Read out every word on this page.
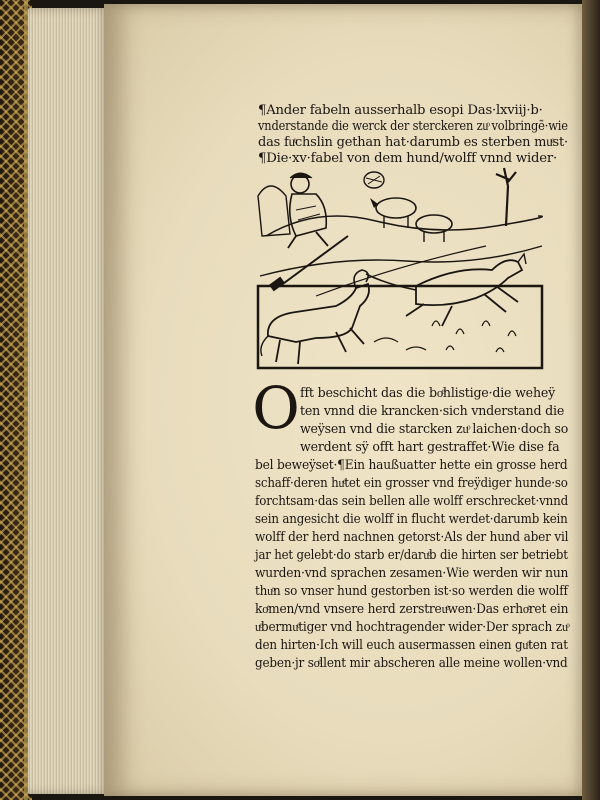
¶Ander fabeln ausserhalb esopi Das·lxviij·b·
vnderstande die werck der sterckeren zuͦ volbringẽ·wie
das fuͤchslin gethan hat·darumb es sterben muͤst·
¶Die·xv·fabel von dem hund/wolff vnnd wider·
O fft beschicht das die boͤhlistige·die weheÿ
ten vnnd die krancken·sich vnderstand die
weÿsen vnd die starcken zuͦ laichen·doch so
werdent sÿ offt hart gestraffet·Wie dise fa
bel beweÿset·¶Ein haußuatter hette ein grosse herd
schaff·deren huͤtet ein grosser vnd freÿdiger hunde·so
forchtsam·das sein bellen alle wolff erschrecket·vnnd
sein angesicht die wolff in flucht werdet·darumb kein
wolff der herd nachnen getorst·Als der hund aber vil
jar het gelebt·do starb er/daruͤb die hirten ser betriebt
wurden·vnd sprachen zesamen·Wie werden wir nun
thuͦn so vnser hund gestorben ist·so werden die wolff
koͤmen/vnd vnsere herd zerstreuͤwen·Das erhoͤret ein
uͤbermuͤtiger vnd hochtragender wider·Der sprach zuͦ
den hirten·Ich will euch ausermassen einen guͦten rat
geben·jr soͤllent mir abscheren alle meine wollen·vnd
